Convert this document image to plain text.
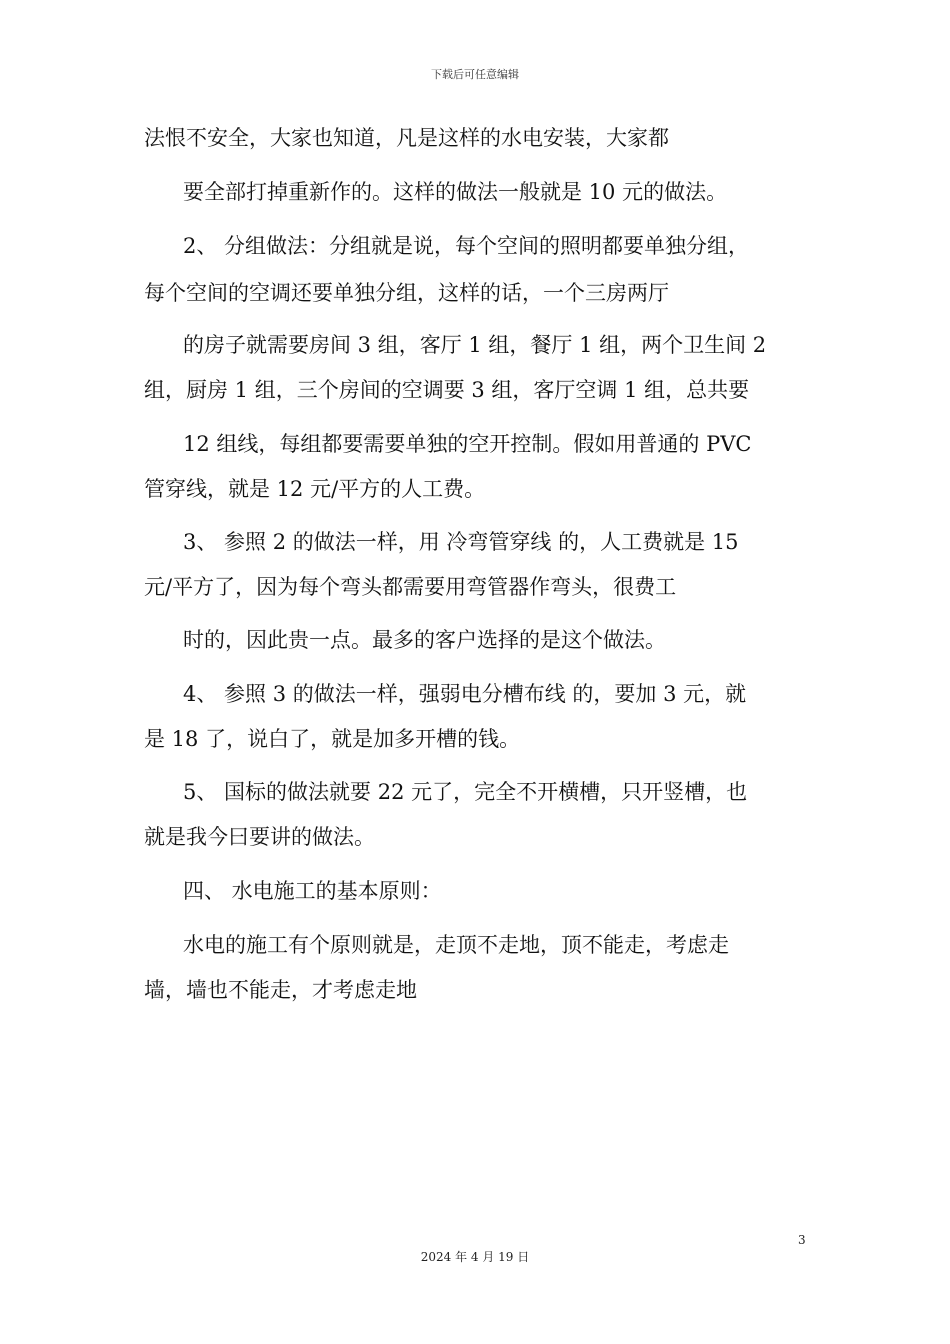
下载后可任意编辑
法恨不安全，大家也知道，凡是这样的水电安装，大家都
要全部打掉重新作的。这样的做法一般就是 10 元的做法。
2、 分组做法：分组就是说，每个空间的照明都要单独分组，
每个空间的空调还要单独分组，这样的话，一个三房两厅
的房子就需要房间 3 组，客厅 1 组，餐厅 1 组，两个卫生间 2
组，厨房 1 组，三个房间的空调要 3 组，客厅空调 1 组，总共要
12 组线，每组都要需要单独的空开控制。假如用普通的 PVC
管穿线，就是 12 元/平方的人工费。
3、 参照 2 的做法一样，用 冷弯管穿线 的，人工费就是 15
元/平方了，因为每个弯头都需要用弯管器作弯头，很费工
时的，因此贵一点。最多的客户选择的是这个做法。
4、 参照 3 的做法一样，强弱电分槽布线 的，要加 3 元，就
是 18 了，说白了，就是加多开槽的钱。
5、 国标的做法就要 22 元了，完全不开横槽，只开竖槽，也
就是我今曰要讲的做法。
四、 水电施工的基本原则：
水电的施工有个原则就是，走顶不走地，顶不能走，考虑走
墙，墙也不能走，才考虑走地
3
2024 年 4 月 19 日
